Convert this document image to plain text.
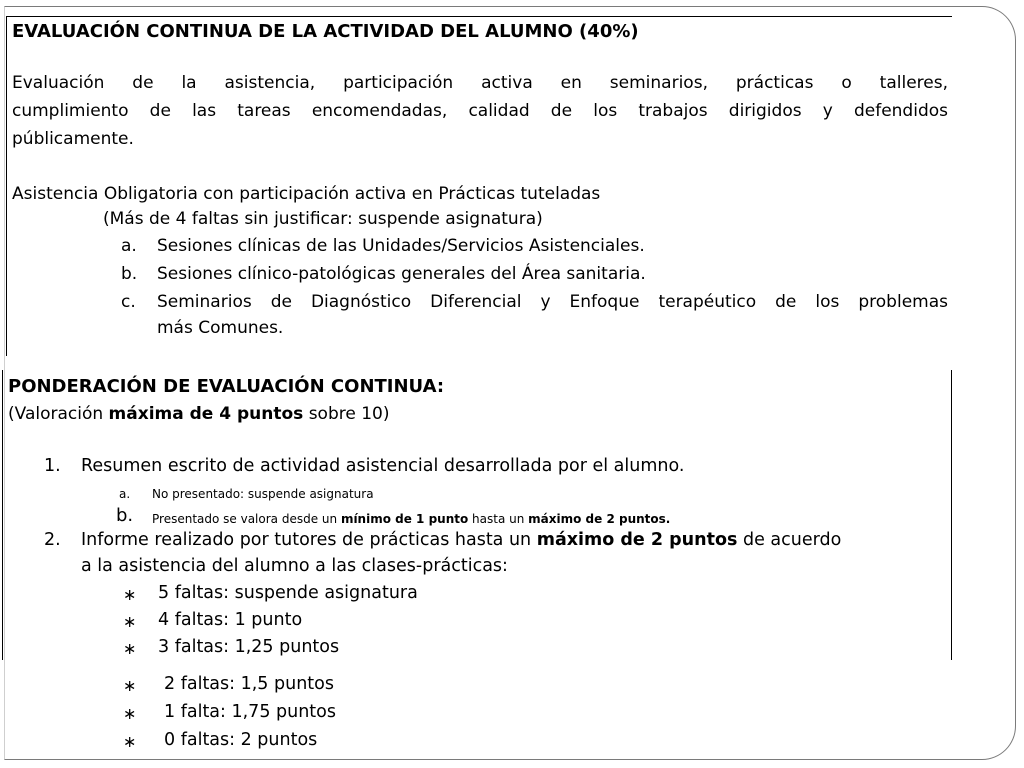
EVALUACIÓN CONTINUA DE LA ACTIVIDAD DEL ALUMNO (40%)
Evaluación de la asistencia, participación activa en seminarios, prácticas o talleres,
cumplimiento de las tareas encomendadas, calidad de los trabajos dirigidos y defendidos
públicamente.
Asistencia Obligatoria con participación activa en Prácticas tuteladas
(Más de 4 faltas sin justificar: suspende asignatura)
a. Sesiones clínicas de las Unidades/Servicios Asistenciales.
b. Sesiones clínico-patológicas generales del Área sanitaria.
c. Seminarios de Diagnóstico Diferencial y Enfoque terapéutico de los problemas
más Comunes.
PONDERACIÓN DE EVALUACIÓN CONTINUA:
(Valoración máxima de 4 puntos sobre 10)
1. Resumen escrito de actividad asistencial desarrollada por el alumno.
a. No presentado: suspende asignatura
b. Presentado se valora desde un mínimo de 1 punto hasta un máximo de 2 puntos.
2. Informe realizado por tutores de prácticas hasta un máximo de 2 puntos de acuerdo
a la asistencia del alumno a las clases-prácticas:
∗ 5 faltas: suspende asignatura
∗ 4 faltas: 1 punto
∗ 3 faltas: 1,25 puntos
∗ 2 faltas: 1,5 puntos
∗ 1 falta: 1,75 puntos
∗ 0 faltas: 2 puntos
